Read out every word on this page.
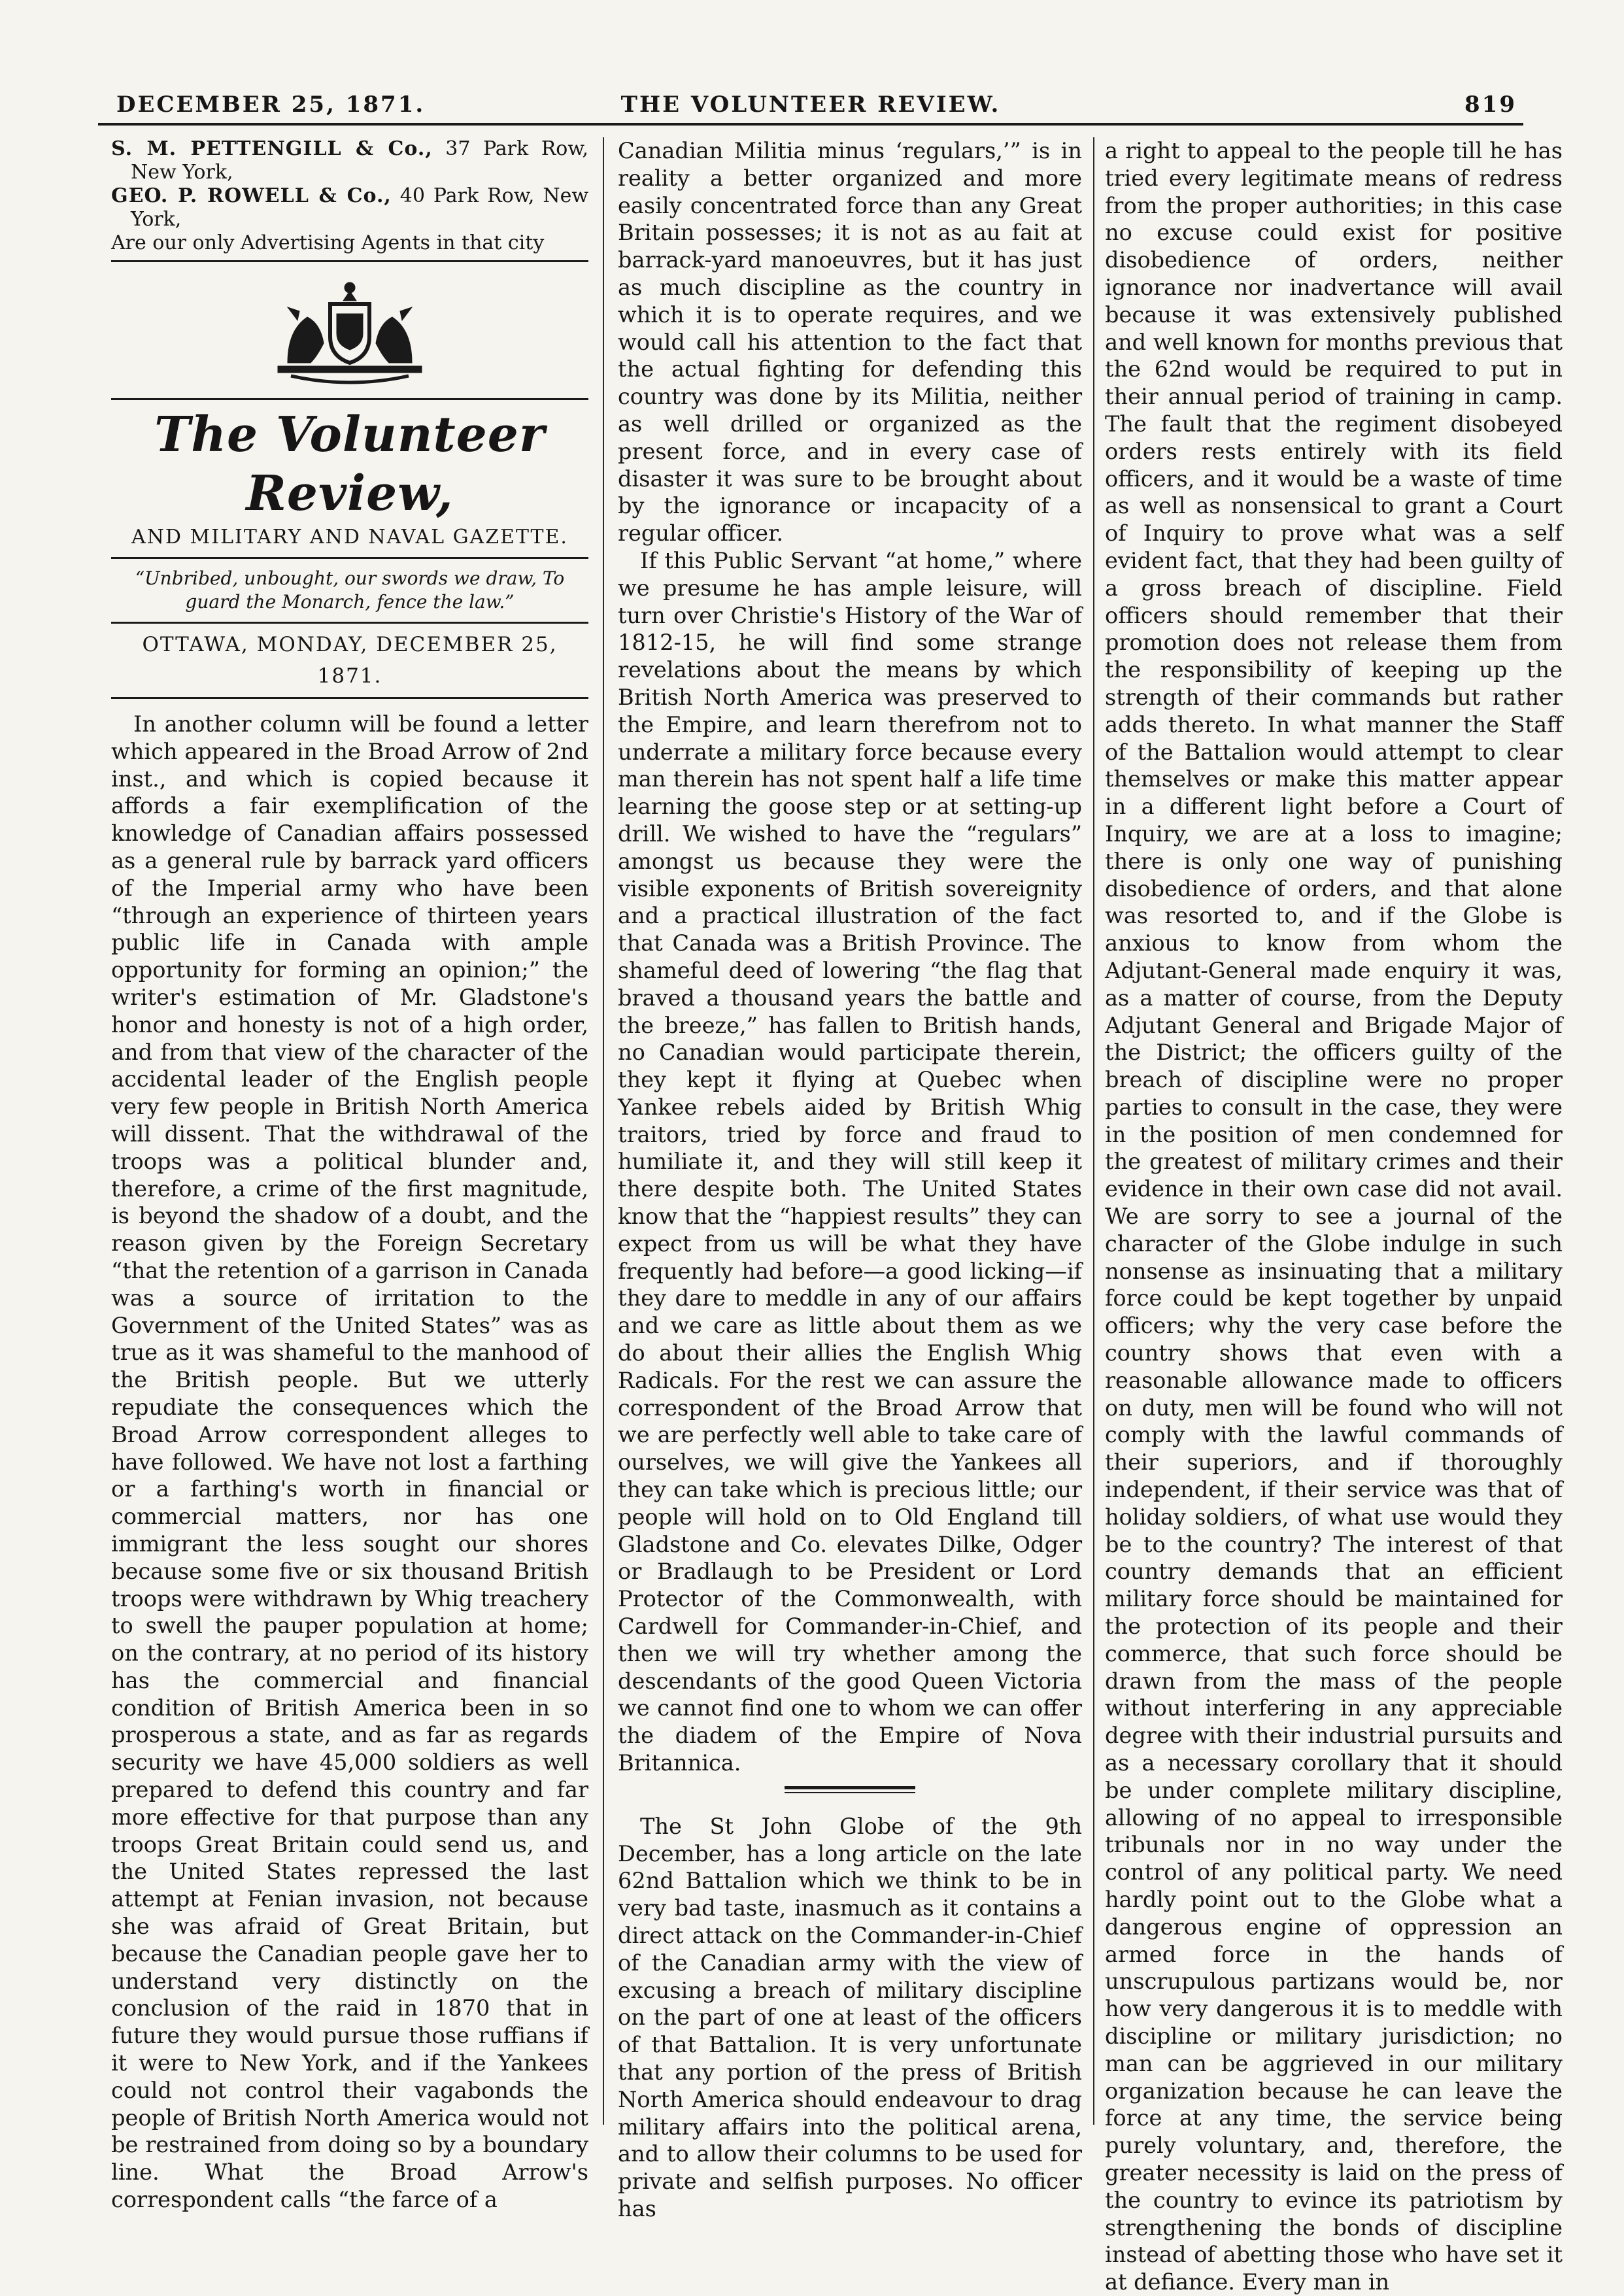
DECEMBER 25, 1871.	THE VOLUNTEER REVIEW.	819
S. M. PETTENGILL & Co., 37 Park Row, New York,
GEO. P. ROWELL & Co., 40 Park Row, New York,
Are our only Advertising Agents in that city
The Volunteer Review,
AND MILITARY AND NAVAL GAZETTE.
“Unbribed, unbought, our swords we draw, To guard the Monarch, fence the law.”
OTTAWA, MONDAY, DECEMBER 25, 1871.

In another column will be found a letter which appeared in the Broad Arrow of 2nd inst., and which is copied because it affords a fair exemplification of the knowledge of Canadian affairs possessed as a general rule by barrack yard officers of the Imperial army who have been “through an experience of thirteen years public life in Canada with ample opportunity for forming an opinion;” the writer's estimation of Mr. Gladstone's honor and honesty is not of a high order, and from that view of the character of the accidental leader of the English people very few people in British North America will dissent. That the withdrawal of the troops was a political blunder and, therefore, a crime of the first magnitude, is beyond the shadow of a doubt, and the reason given by the Foreign Secretary “that the retention of a garrison in Canada was a source of irritation to the Government of the United States” was as true as it was shameful to the manhood of the British people. But we utterly repudiate the consequences which the Broad Arrow correspondent alleges to have followed. We have not lost a farthing or a farthing's worth in financial or commercial matters, nor has one immigrant the less sought our shores because some five or six thousand British troops were withdrawn by Whig treachery to swell the pauper population at home; on the contrary, at no period of its history has the commercial and financial condition of British America been in so prosperous a state, and as far as regards security we have 45,000 soldiers as well prepared to defend this country and far more effective for that purpose than any troops Great Britain could send us, and the United States repressed the last attempt at Fenian invasion, not because she was afraid of Great Britain, but because the Canadian people gave her to understand very distinctly on the conclusion of the raid in 1870 that in future they would pursue those ruffians if it were to New York, and if the Yankees could not control their vagabonds the people of British North America would not be restrained from doing so by a boundary line. What the Broad Arrow's correspondent calls “the farce of a

Canadian Militia minus ‘regulars,’” is in reality a better organized and more easily concentrated force than any Great Britain possesses; it is not as au fait at barrack-yard manoeuvres, but it has just as much discipline as the country in which it is to operate requires, and we would call his attention to the fact that the actual fighting for defending this country was done by its Militia, neither as well drilled or organized as the present force, and in every case of disaster it was sure to be brought about by the ignorance or incapacity of a regular officer.

If this Public Servant “at home,” where we presume he has ample leisure, will turn over Christie's History of the War of 1812-15, he will find some strange revelations about the means by which British North America was preserved to the Empire, and learn therefrom not to underrate a military force because every man therein has not spent half a life time learning the goose step or at setting-up drill. We wished to have the “regulars” amongst us because they were the visible exponents of British sovereignity and a practical illustration of the fact that Canada was a British Province. The shameful deed of lowering “the flag that braved a thousand years the battle and the breeze,” has fallen to British hands, no Canadian would participate therein, they kept it flying at Quebec when Yankee rebels aided by British Whig traitors, tried by force and fraud to humiliate it, and they will still keep it there despite both. The United States know that the “happiest results” they can expect from us will be what they have frequently had before—a good licking—if they dare to meddle in any of our affairs and we care as little about them as we do about their allies the English Whig Radicals. For the rest we can assure the correspondent of the Broad Arrow that we are perfectly well able to take care of ourselves, we will give the Yankees all they can take which is precious little; our people will hold on to Old England till Gladstone and Co. elevates Dilke, Odger or Bradlaugh to be President or Lord Protector of the Commonwealth, with Cardwell for Commander-in-Chief, and then we will try whether among the descendants of the good Queen Victoria we cannot find one to whom we can offer the diadem of the Empire of Nova Britannica.

The St John Globe of the 9th December, has a long article on the late 62nd Battalion which we think to be in very bad taste, inasmuch as it contains a direct attack on the Commander-in-Chief of the Canadian army with the view of excusing a breach of military discipline on the part of one at least of the officers of that Battalion. It is very unfortunate that any portion of the press of British North America should endeavour to drag military affairs into the political arena, and to allow their columns to be used for private and selfish purposes. No officer has

a right to appeal to the people till he has tried every legitimate means of redress from the proper authorities; in this case no excuse could exist for positive disobedience of orders, neither ignorance nor inadvertance will avail because it was extensively published and well known for months previous that the 62nd would be required to put in their annual period of training in camp. The fault that the regiment disobeyed orders rests entirely with its field officers, and it would be a waste of time as well as nonsensical to grant a Court of Inquiry to prove what was a self evident fact, that they had been guilty of a gross breach of discipline. Field officers should remember that their promotion does not release them from the responsibility of keeping up the strength of their commands but rather adds thereto. In what manner the Staff of the Battalion would attempt to clear themselves or make this matter appear in a different light before a Court of Inquiry, we are at a loss to imagine; there is only one way of punishing disobedience of orders, and that alone was resorted to, and if the Globe is anxious to know from whom the Adjutant-General made enquiry it was, as a matter of course, from the Deputy Adjutant General and Brigade Major of the District; the officers guilty of the breach of discipline were no proper parties to consult in the case, they were in the position of men condemned for the greatest of military crimes and their evidence in their own case did not avail. We are sorry to see a journal of the character of the Globe indulge in such nonsense as insinuating that a military force could be kept together by unpaid officers; why the very case before the country shows that even with a reasonable allowance made to officers on duty, men will be found who will not comply with the lawful commands of their superiors, and if thoroughly independent, if their service was that of holiday soldiers, of what use would they be to the country? The interest of that country demands that an efficient military force should be maintained for the protection of its people and their commerce, that such force should be drawn from the mass of the people without interfering in any appreciable degree with their industrial pursuits and as a necessary corollary that it should be under complete military discipline, allowing of no appeal to irresponsible tribunals nor in no way under the control of any political party. We need hardly point out to the Globe what a dangerous engine of oppression an armed force in the hands of unscrupulous partizans would be, nor how very dangerous it is to meddle with discipline or military jurisdiction; no man can be aggrieved in our military organization because he can leave the force at any time, the service being purely voluntary, and, therefore, the greater necessity is laid on the press of the country to evince its patriotism by strengthening the bonds of discipline instead of abetting those who have set it at defiance. Every man in
